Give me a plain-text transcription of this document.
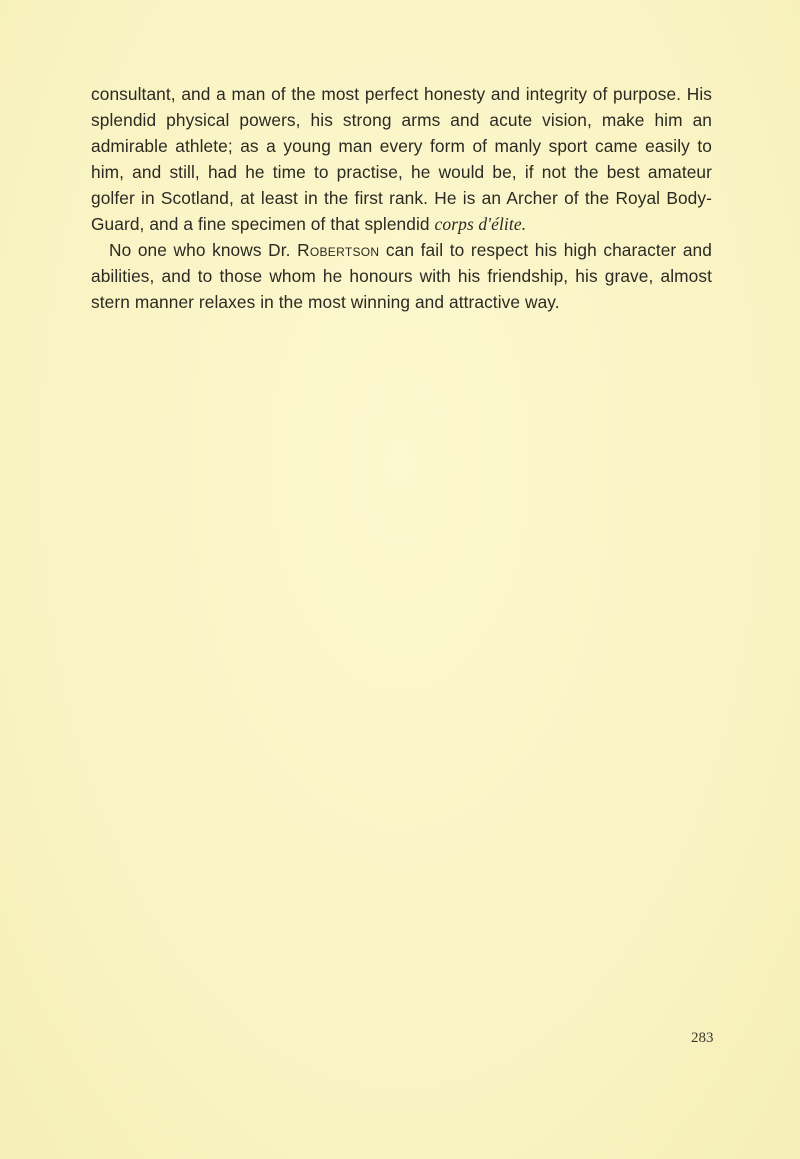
consultant, and a man of the most perfect honesty and integrity of purpose. His splendid physical powers, his strong arms and acute vision, make him an admirable athlete; as a young man every form of manly sport came easily to him, and still, had he time to practise, he would be, if not the best amateur golfer in Scotland, at least in the first rank. He is an Archer of the Royal Body-Guard, and a fine specimen of that splendid corps d'élite.

No one who knows Dr. Robertson can fail to respect his high character and abilities, and to those whom he honours with his friendship, his grave, almost stern manner relaxes in the most winning and attractive way.

283
